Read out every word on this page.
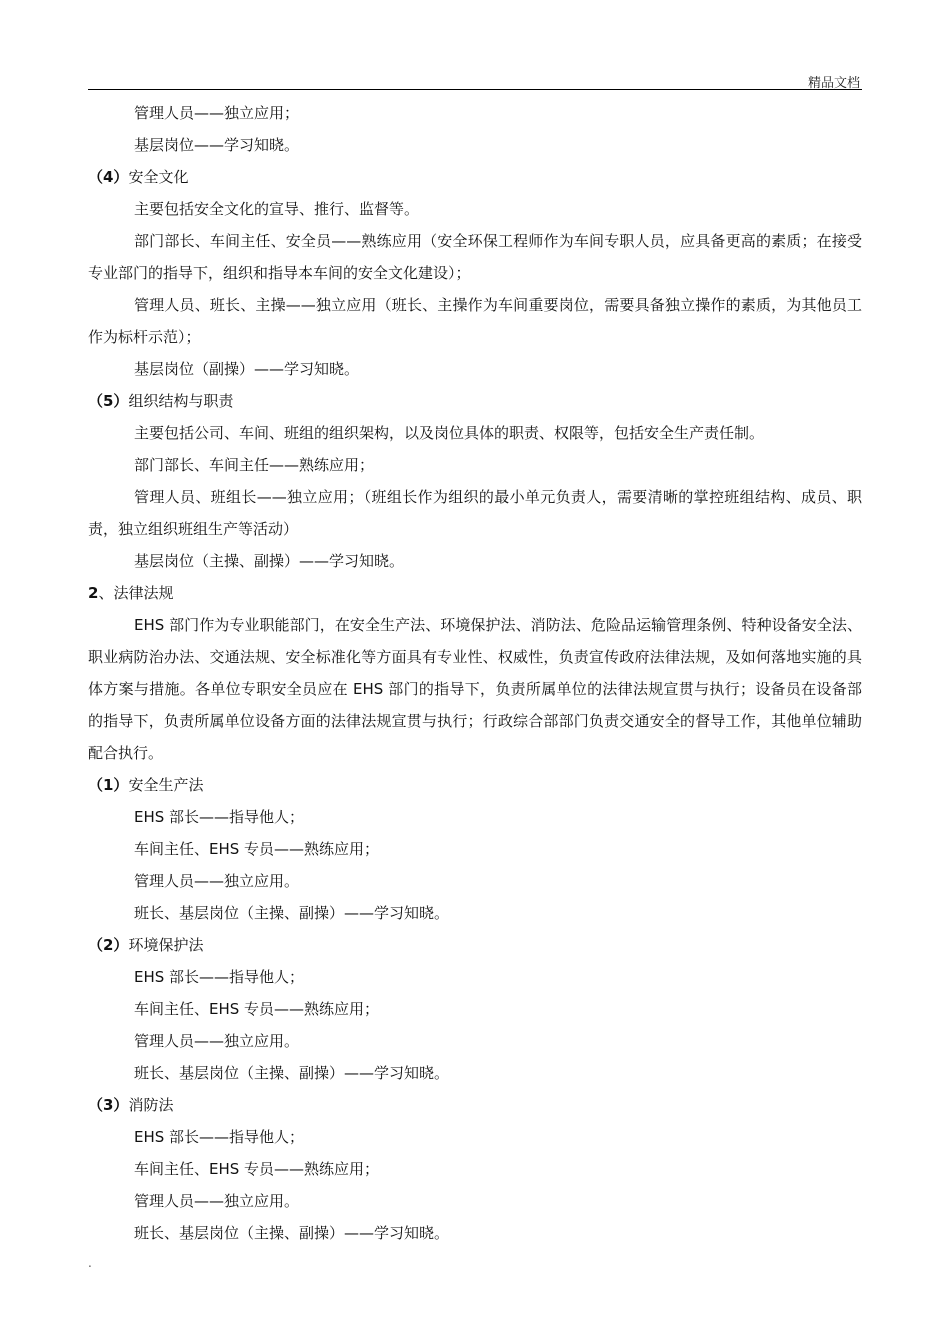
精品文档
管理人员——独立应用；
基层岗位——学习知晓。
（4）安全文化
主要包括安全文化的宣导、推行、监督等。
部门部长、车间主任、安全员——熟练应用（安全环保工程师作为车间专职人员，应具备更高的素质；在接受专业部门的指导下，组织和指导本车间的安全文化建设）；
管理人员、班长、主操——独立应用（班长、主操作为车间重要岗位，需要具备独立操作的素质，为其他员工作为标杆示范）；
基层岗位（副操）——学习知晓。
（5）组织结构与职责
主要包括公司、车间、班组的组织架构，以及岗位具体的职责、权限等，包括安全生产责任制。
部门部长、车间主任——熟练应用；
管理人员、班组长——独立应用；（班组长作为组织的最小单元负责人，需要清晰的掌控班组结构、成员、职责，独立组织班组生产等活动）
基层岗位（主操、副操）——学习知晓。
2、法律法规
EHS 部门作为专业职能部门，在安全生产法、环境保护法、消防法、危险品运输管理条例、特种设备安全法、职业病防治办法、交通法规、安全标准化等方面具有专业性、权威性，负责宣传政府法律法规，及如何落地实施的具体方案与措施。各单位专职安全员应在 EHS 部门的指导下，负责所属单位的法律法规宣贯与执行；设备员在设备部的指导下，负责所属单位设备方面的法律法规宣贯与执行；行政综合部部门负责交通安全的督导工作，其他单位辅助配合执行。
（1）安全生产法
EHS 部长——指导他人；
车间主任、EHS 专员——熟练应用；
管理人员——独立应用。
班长、基层岗位（主操、副操）——学习知晓。
（2）环境保护法
EHS 部长——指导他人；
车间主任、EHS 专员——熟练应用；
管理人员——独立应用。
班长、基层岗位（主操、副操）——学习知晓。
（3）消防法
EHS 部长——指导他人；
车间主任、EHS 专员——熟练应用；
管理人员——独立应用。
班长、基层岗位（主操、副操）——学习知晓。
.
